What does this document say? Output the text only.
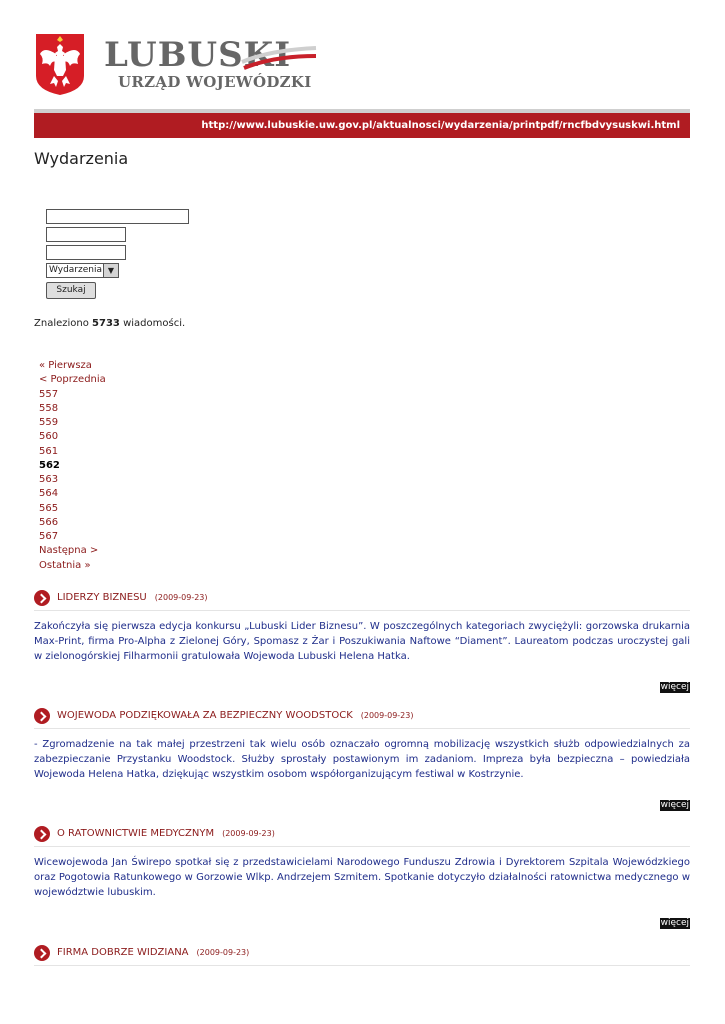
LUBUSKI
URZĄD WOJEWÓDZKI
http://www.lubuskie.uw.gov.pl/aktualnosci/wydarzenia/printpdf/rncfbdvysuskwi.html
Wydarzenia
Wydarzenia ▼
Szukaj
Znaleziono 5733 wiadomości.
« Pierwsza
< Poprzednia
557
558
559
560
561
562
563
564
565
566
567
Następna >
Ostatnia »
LIDERZY BIZNESU (2009-09-23)
Zakończyła się pierwsza edycja konkursu „Lubuski Lider Biznesu”. W poszczególnych kategoriach zwyciężyli: gorzowska drukarnia Max-Print, firma Pro-Alpha z Zielonej Góry, Spomasz z Żar i Poszukiwania Naftowe “Diament”. Laureatom podczas uroczystej gali w zielonogórskiej Filharmonii gratulowała Wojewoda Lubuski Helena Hatka.
więcej
WOJEWODA PODZIĘKOWAŁA ZA BEZPIECZNY WOODSTOCK (2009-09-23)
- Zgromadzenie na tak małej przestrzeni tak wielu osób oznaczało ogromną mobilizację wszystkich służb odpowiedzialnych za zabezpieczanie Przystanku Woodstock. Służby sprostały postawionym im zadaniom. Impreza była bezpieczna – powiedziała Wojewoda Helena Hatka, dziękując wszystkim osobom współorganizującym festiwal w Kostrzynie.
więcej
O RATOWNICTWIE MEDYCZNYM (2009-09-23)
Wicewojewoda Jan Świrepo spotkał się z przedstawicielami Narodowego Funduszu Zdrowia i Dyrektorem Szpitala Wojewódzkiego oraz Pogotowia Ratunkowego w Gorzowie Wlkp. Andrzejem Szmitem. Spotkanie dotyczyło działalności ratownictwa medycznego w województwie lubuskim.
więcej
FIRMA DOBRZE WIDZIANA (2009-09-23)
